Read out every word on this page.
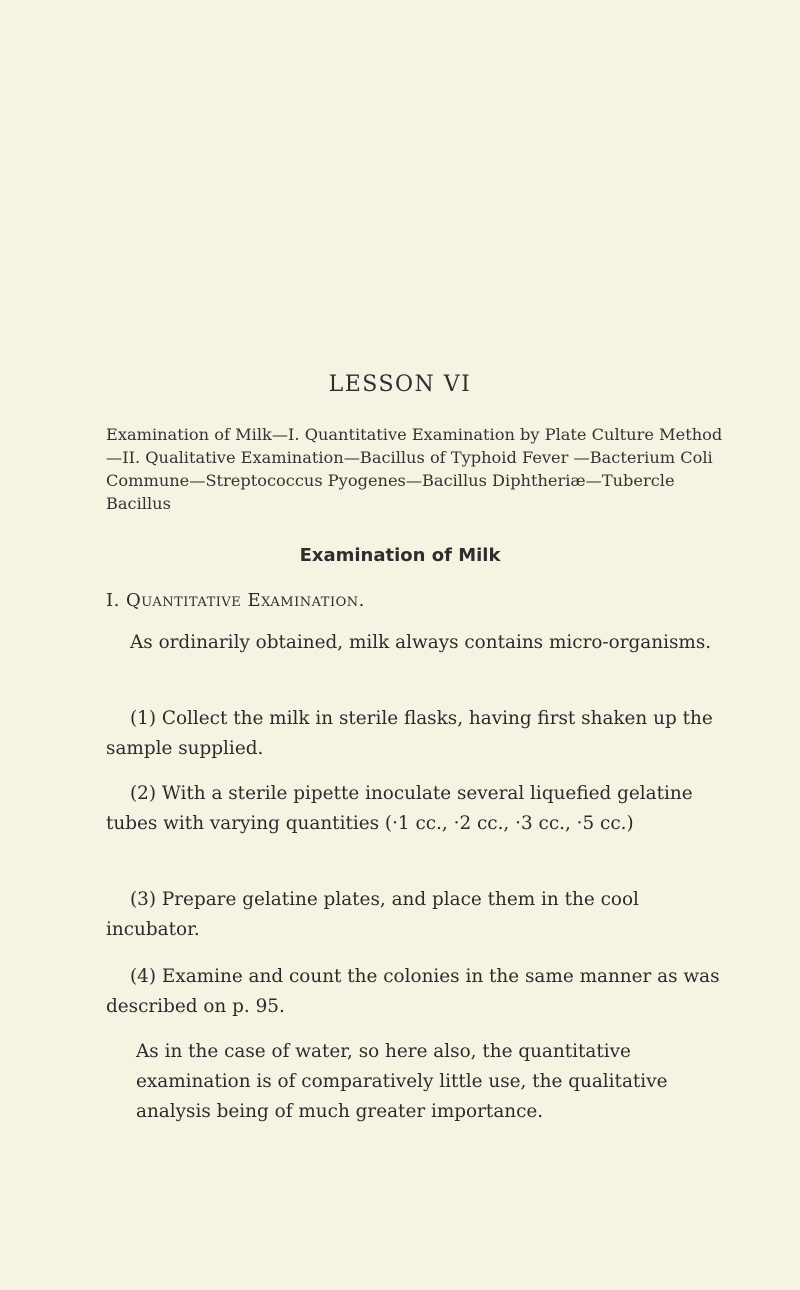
LESSON VI

Examination of Milk—I. Quantitative Examination by Plate Culture Method—II. Qualitative Examination—Bacillus of Typhoid Fever —Bacterium Coli Commune—Streptococcus Pyogenes—Bacillus Diphtheriæ—Tubercle Bacillus

Examination of Milk

I. Quantitative Examination.

As ordinarily obtained, milk always contains micro-organisms.

(1) Collect the milk in sterile flasks, having first shaken up the sample supplied.

(2) With a sterile pipette inoculate several liquefied gelatine tubes with varying quantities (·1 cc., ·2 cc., ·3 cc., ·5 cc.)

(3) Prepare gelatine plates, and place them in the cool incubator.

(4) Examine and count the colonies in the same manner as was described on p. 95.

As in the case of water, so here also, the quantitative examination is of comparatively little use, the qualitative analysis being of much greater importance.
